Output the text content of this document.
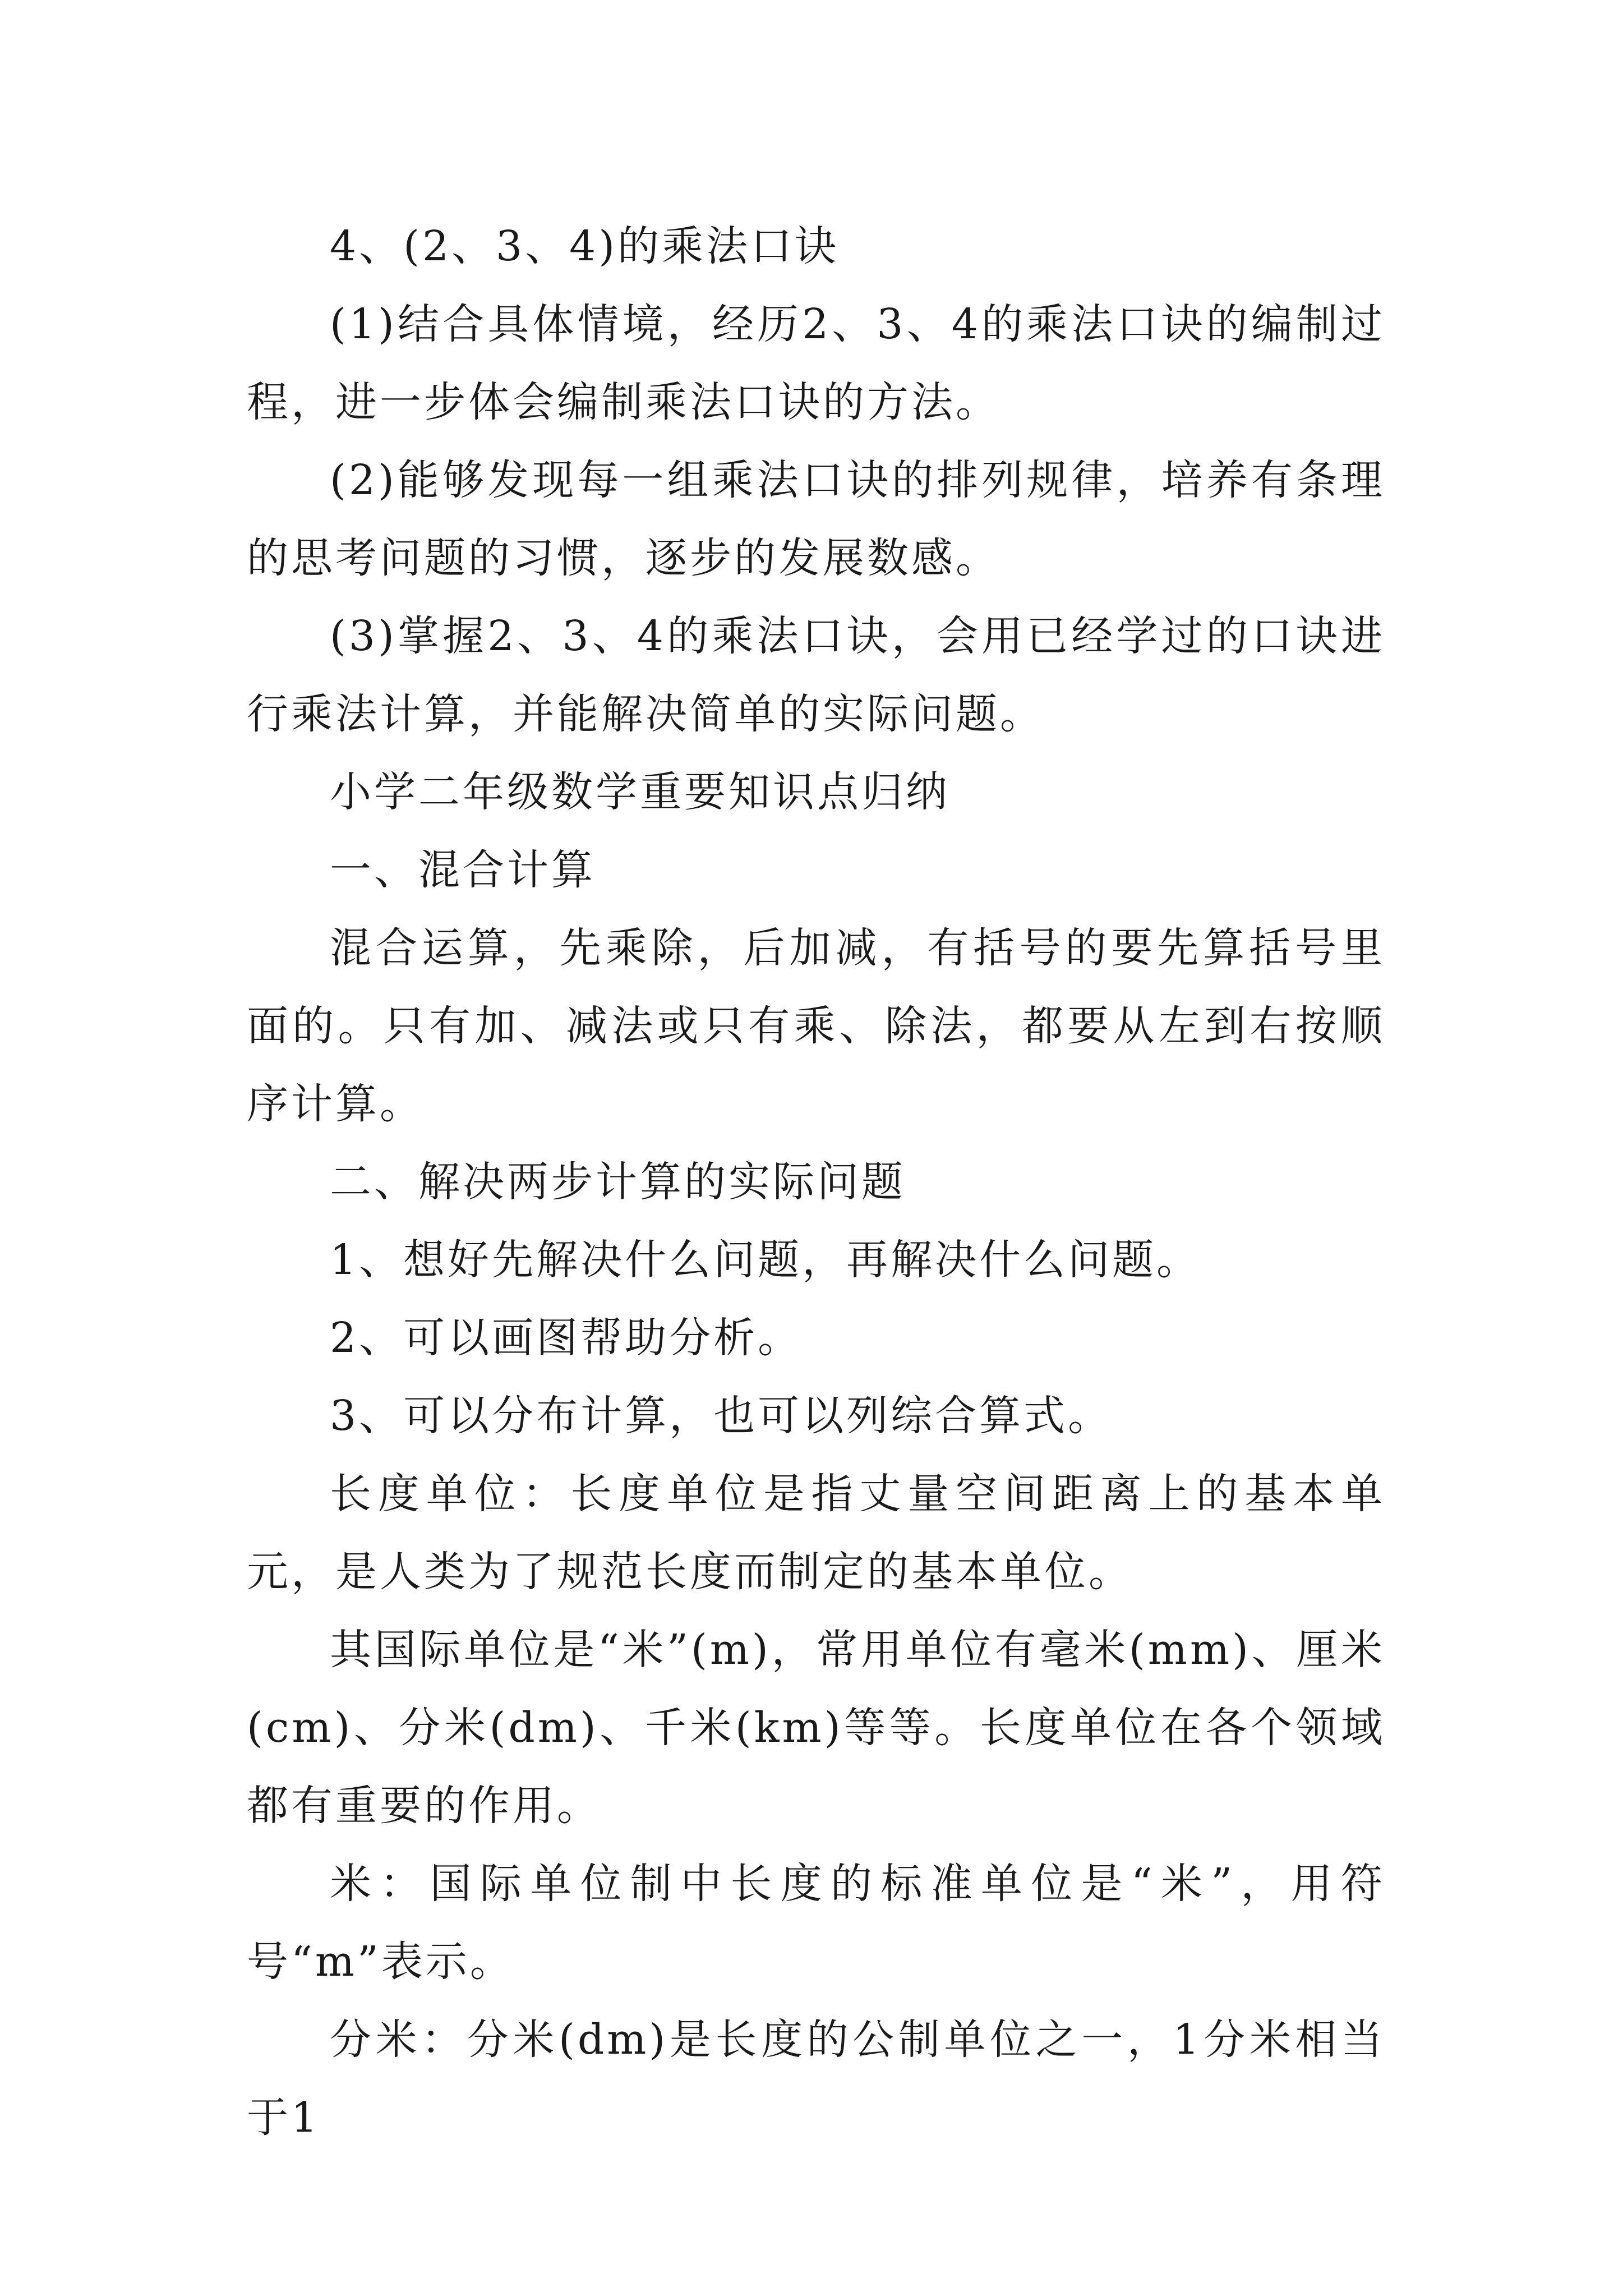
4、(2、3、4)的乘法口诀

(1)结合具体情境，经历2、3、4的乘法口诀的编制过程，进一步体会编制乘法口诀的方法。

(2)能够发现每一组乘法口诀的排列规律，培养有条理的思考问题的习惯，逐步的发展数感。

(3)掌握2、3、4的乘法口诀，会用已经学过的口诀进行乘法计算，并能解决简单的实际问题。

小学二年级数学重要知识点归纳

一、混合计算

混合运算，先乘除，后加减，有括号的要先算括号里面的。只有加、减法或只有乘、除法，都要从左到右按顺序计算。

二、解决两步计算的实际问题

1、想好先解决什么问题，再解决什么问题。

2、可以画图帮助分析。

3、可以分布计算，也可以列综合算式。

长度单位：长度单位是指丈量空间距离上的基本单元，是人类为了规范长度而制定的基本单位。

其国际单位是“米”(m)，常用单位有毫米(mm)、厘米(cm)、分米(dm)、千米(km)等等。长度单位在各个领域都有重要的作用。

米：国际单位制中长度的标准单位是“米”，用符号“m”表示。

分米：分米(dm)是长度的公制单位之一，1分米相当于1
